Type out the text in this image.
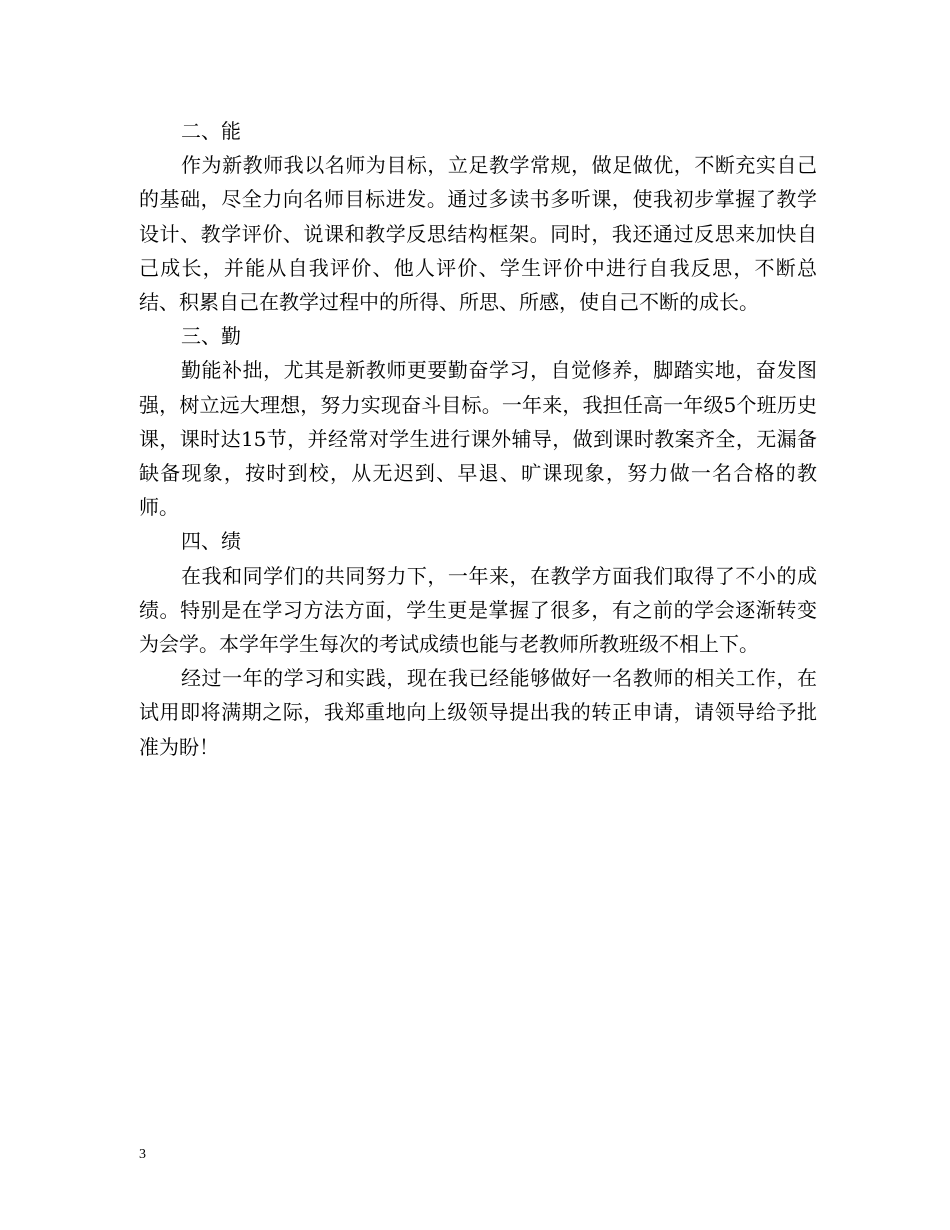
二、能

作为新教师我以名师为目标，立足教学常规，做足做优，不断充实自己的基础，尽全力向名师目标进发。通过多读书多听课，使我初步掌握了教学设计、教学评价、说课和教学反思结构框架。同时，我还通过反思来加快自己成长，并能从自我评价、他人评价、学生评价中进行自我反思，不断总结、积累自己在教学过程中的所得、所思、所感，使自己不断的成长。

三、勤

勤能补拙，尤其是新教师更要勤奋学习，自觉修养，脚踏实地，奋发图强，树立远大理想，努力实现奋斗目标。一年来，我担任高一年级5个班历史课，课时达15节，并经常对学生进行课外辅导，做到课时教案齐全，无漏备缺备现象，按时到校，从无迟到、早退、旷课现象，努力做一名合格的教师。

四、绩

在我和同学们的共同努力下，一年来，在教学方面我们取得了不小的成绩。特别是在学习方法方面，学生更是掌握了很多，有之前的学会逐渐转变为会学。本学年学生每次的考试成绩也能与老教师所教班级不相上下。

经过一年的学习和实践，现在我已经能够做好一名教师的相关工作，在试用即将满期之际，我郑重地向上级领导提出我的转正申请，请领导给予批准为盼！

3
